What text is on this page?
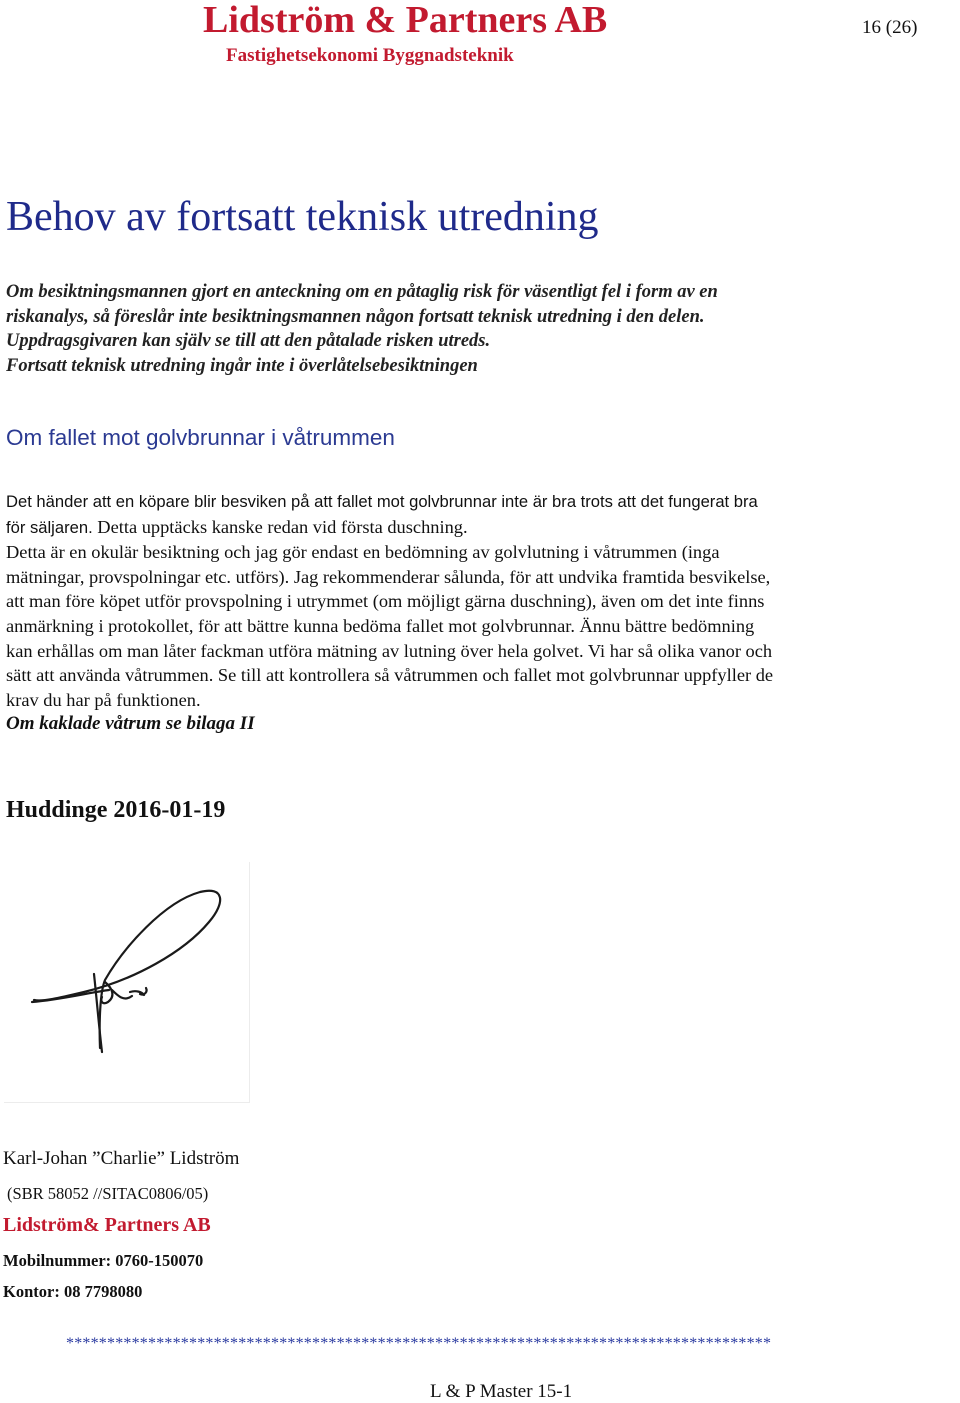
Lidström & Partners AB
Fastighetsekonomi Byggnadsteknik
16 (26)
Behov av fortsatt teknisk utredning

Om besiktningsmannen gjort en anteckning om en påtaglig risk för väsentligt fel i form av en

riskanalys, så föreslår inte besiktningsmannen någon fortsatt teknisk utredning i den delen.

Uppdragsgivaren kan själv se till att den påtalade risken utreds.

Fortsatt teknisk utredning ingår inte i överlåtelsebesiktningen

Om fallet mot golvbrunnar i våtrummen

Det händer att en köpare blir besviken på att fallet mot golvbrunnar inte är bra trots att det fungerat bra

för säljaren. Detta upptäcks kanske redan vid första duschning.

Detta är en okulär besiktning och jag gör endast en bedömning av golvlutning i våtrummen (inga

mätningar, provspolningar etc. utförs). Jag rekommenderar sålunda, för att undvika framtida besvikelse,

att man före köpet utför provspolning i utrymmet (om möjligt gärna duschning), även om det inte finns

anmärkning i protokollet, för att bättre kunna bedöma fallet mot golvbrunnar. Ännu bättre bedömning

kan erhållas om man låter fackman utföra mätning av lutning över hela golvet. Vi har så olika vanor och

sätt att använda våtrummen. Se till att kontrollera så våtrummen och fallet mot golvbrunnar uppfyller de

krav du har på funktionen.

Om kaklade våtrum se bilaga II

Huddinge 2016-01-19
Karl-Johan ”Charlie” Lidström
(SBR 58052 //SITAC0806/05)
Lidström& Partners AB
Mobilnummer: 0760-150070
Kontor: 08 7798080
**************************************************************************************
L & P Master 15-1
